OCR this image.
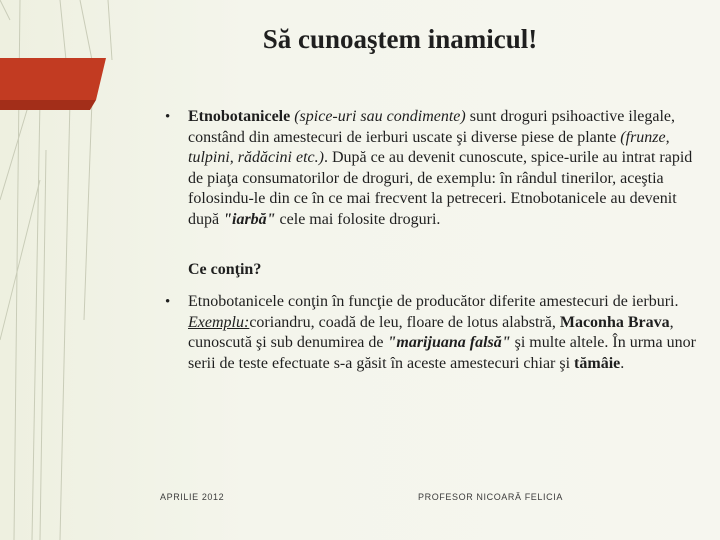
Să cunoaştem inamicul!
• Etnobotanicele (spice-uri sau condimente) sunt droguri psihoactive ilegale, constând din amestecuri de ierburi uscate şi diverse piese de plante (frunze, tulpini, rădăcini etc.). După ce au devenit cunoscute, spice-urile au intrat rapid de piaţa consumatorilor de droguri, de exemplu: în rândul tinerilor, aceştia folosindu-le din ce în ce mai frecvent la petreceri. Etnobotanicele au devenit după "iarbă" cele mai folosite droguri.
Ce conţin?
• Etnobotanicele conţin în funcţie de producător diferite amestecuri de ierburi. Exemplu:coriandru, coadă de leu, floare de lotus alabstră, Maconha Brava, cunoscută şi sub denumirea de "marijuana falsă" şi multe altele. În urma unor serii de teste efectuate s-a găsit în aceste amestecuri chiar şi tămâie.
APRILIE 2012	PROFESOR NICOARĂ FELICIA
